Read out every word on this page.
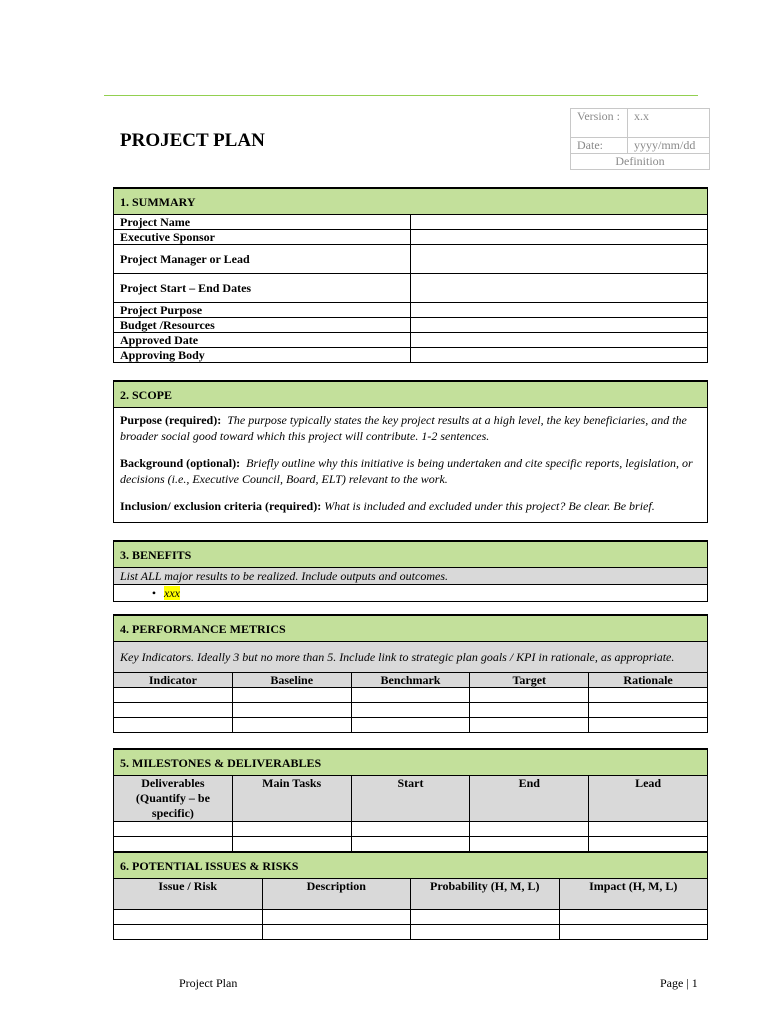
PROJECT PLAN
Version :	x.x
Date:	yyyy/mm/dd
Definition	
1. SUMMARY	
Project Name	
Executive Sponsor	
Project Manager or Lead	
Project Start – End Dates	
Project Purpose	
Budget /Resources	
Approved Date	
Approving Body	
2. SCOPE

Purpose (required): The purpose typically states the key project results at a high level, the key beneficiaries, and the broader social good toward which this project will contribute. 1-2 sentences.

Background (optional): Briefly outline why this initiative is being undertaken and cite specific reports, legislation, or decisions (i.e., Executive Council, Board, ELT) relevant to the work.

Inclusion/ exclusion criteria (required): What is included and excluded under this project? Be clear. Be brief.

3. BENEFITS
List ALL major results to be realized. Include outputs and outcomes.
• xxx
4. PERFORMANCE METRICS				
Key Indicators. Ideally 3 but no more than 5. Include link to strategic plan goals / KPI in rationale, as appropriate.				
Indicator	Baseline	Benchmark	Target	Rationale

5. MILESTONES & DELIVERABLES				
Deliverables (Quantify – be specific)	Main Tasks	Start	End	Lead

6. POTENTIAL ISSUES & RISKS			
Issue / Risk	Description	Probability (H, M, L)	Impact (H, M, L)

Project Plan	Page | 1
